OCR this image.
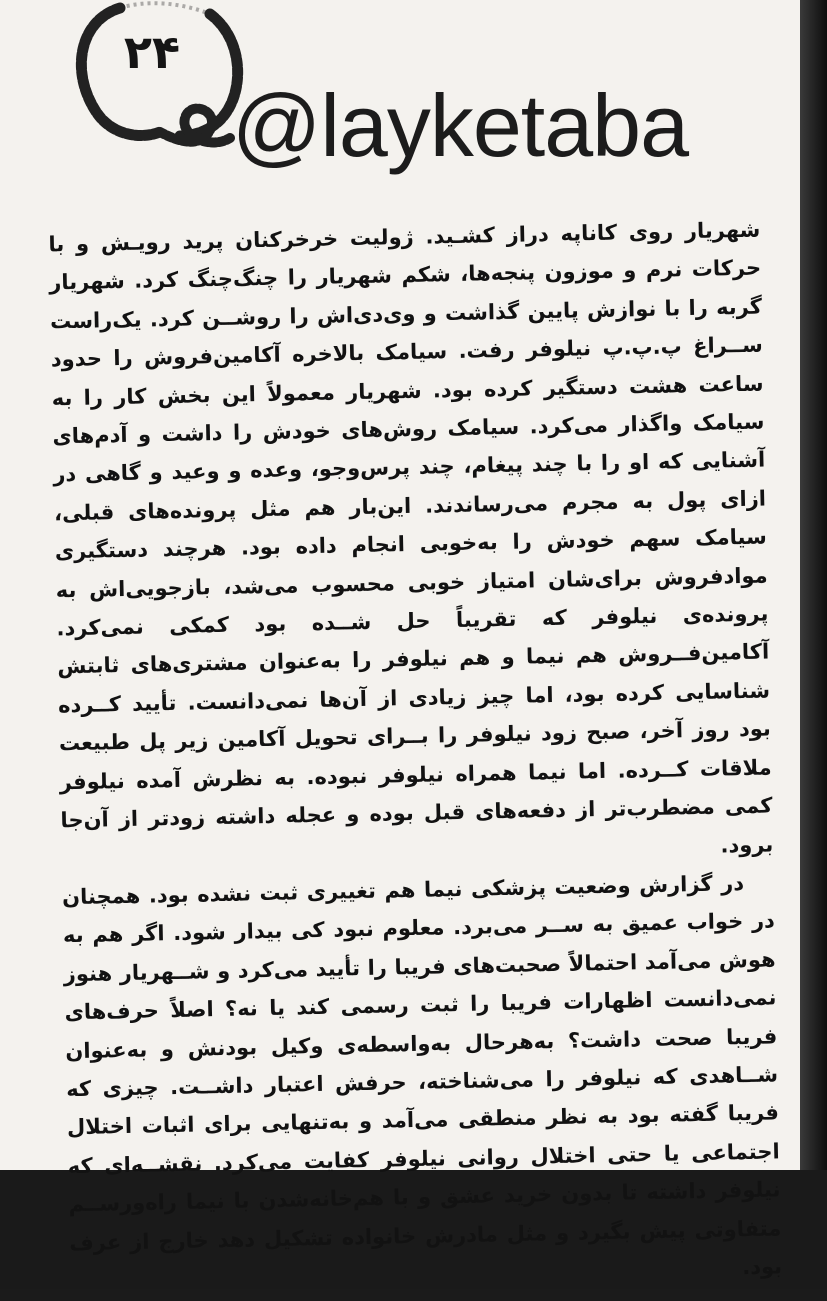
۲۴
@layketaba

شهریار روی کاناپه دراز کشـید. ژولیت خرخرکنان پرید رویـش و با حرکات نرم و موزون پنجه‌ها، شکم شهریار را چنگ‌چنگ کرد. شهریار گربه را با نوازش پایین گذاشت و وی‌دی‌اش را روشــن کرد. یک‌راست ســراغ پ.پ.پ نیلوفر رفت. سیامک بالاخره آکامین‌فروش را حدود ساعت هشت دستگیر کرده بود. شهریار معمولاً این بخش کار را به سیامک واگذار می‌کرد. سیامک روش‌های خودش را داشت و آدم‌های آشنایی که او را با چند پیغام، چند پرس‌وجو، وعده و وعید و گاهی در ازای پول به مجرم می‌رساندند. این‌بار هم مثل پرونده‌های قبلی، سیامک سهم خودش را به‌خوبی انجام داده بود. هرچند دستگیری موادفروش برای‌شان امتیاز خوبی محسوب می‌شد، بازجویی‌اش به پرونده‌ی نیلوفر که تقریباً حل شــده بود کمکی نمی‌کرد. آکامین‌فــروش هم نیما و هم نیلوفر را به‌عنوان مشتری‌های ثابتش شناسایی کرده بود، اما چیز زیادی از آن‌ها نمی‌دانست. تأیید کــرده بود روز آخر، صبح زود نیلوفر را بــرای تحویل آکامین زیر پل طبیعت ملاقات کــرده. اما نیما همراه نیلوفر نبوده. به نظرش آمده نیلوفر کمی مضطرب‌تر از دفعه‌های قبل بوده و عجله داشته زودتر از آن‌جا برود.

در گزارش وضعیت پزشکی نیما هم تغییری ثبت نشده بود. همچنان در خواب عمیق به ســر می‌برد. معلوم نبود کی بیدار شود. اگر هم به هوش می‌آمد احتمالاً صحبت‌های فریبا را تأیید می‌کرد و شــهریار هنوز نمی‌دانست اظهارات فریبا را ثبت رسمی کند یا نه؟ اصلاً حرف‌های فریبا صحت داشت؟ به‌هرحال به‌واسطه‌ی وکیل بودنش و به‌عنوان شــاهدی که نیلوفر را می‌شناخته، حرفش اعتبار داشــت. چیزی که فریبا گفته بود به نظر منطقی می‌آمد و به‌تنهایی برای اثبات اختلال اجتماعی یا حتی اختلال روانی نیلوفر کفایت می‌کرد. نقشــه‌ای که نیلوفر داشته تا بدون خرید عشق و با هم‌خانه‌شدن با نیما راه‌ورســم متفاوتی پیش بگیرد و مثل مادرش خانواده تشکیل دهد خارج از عرف بود.
